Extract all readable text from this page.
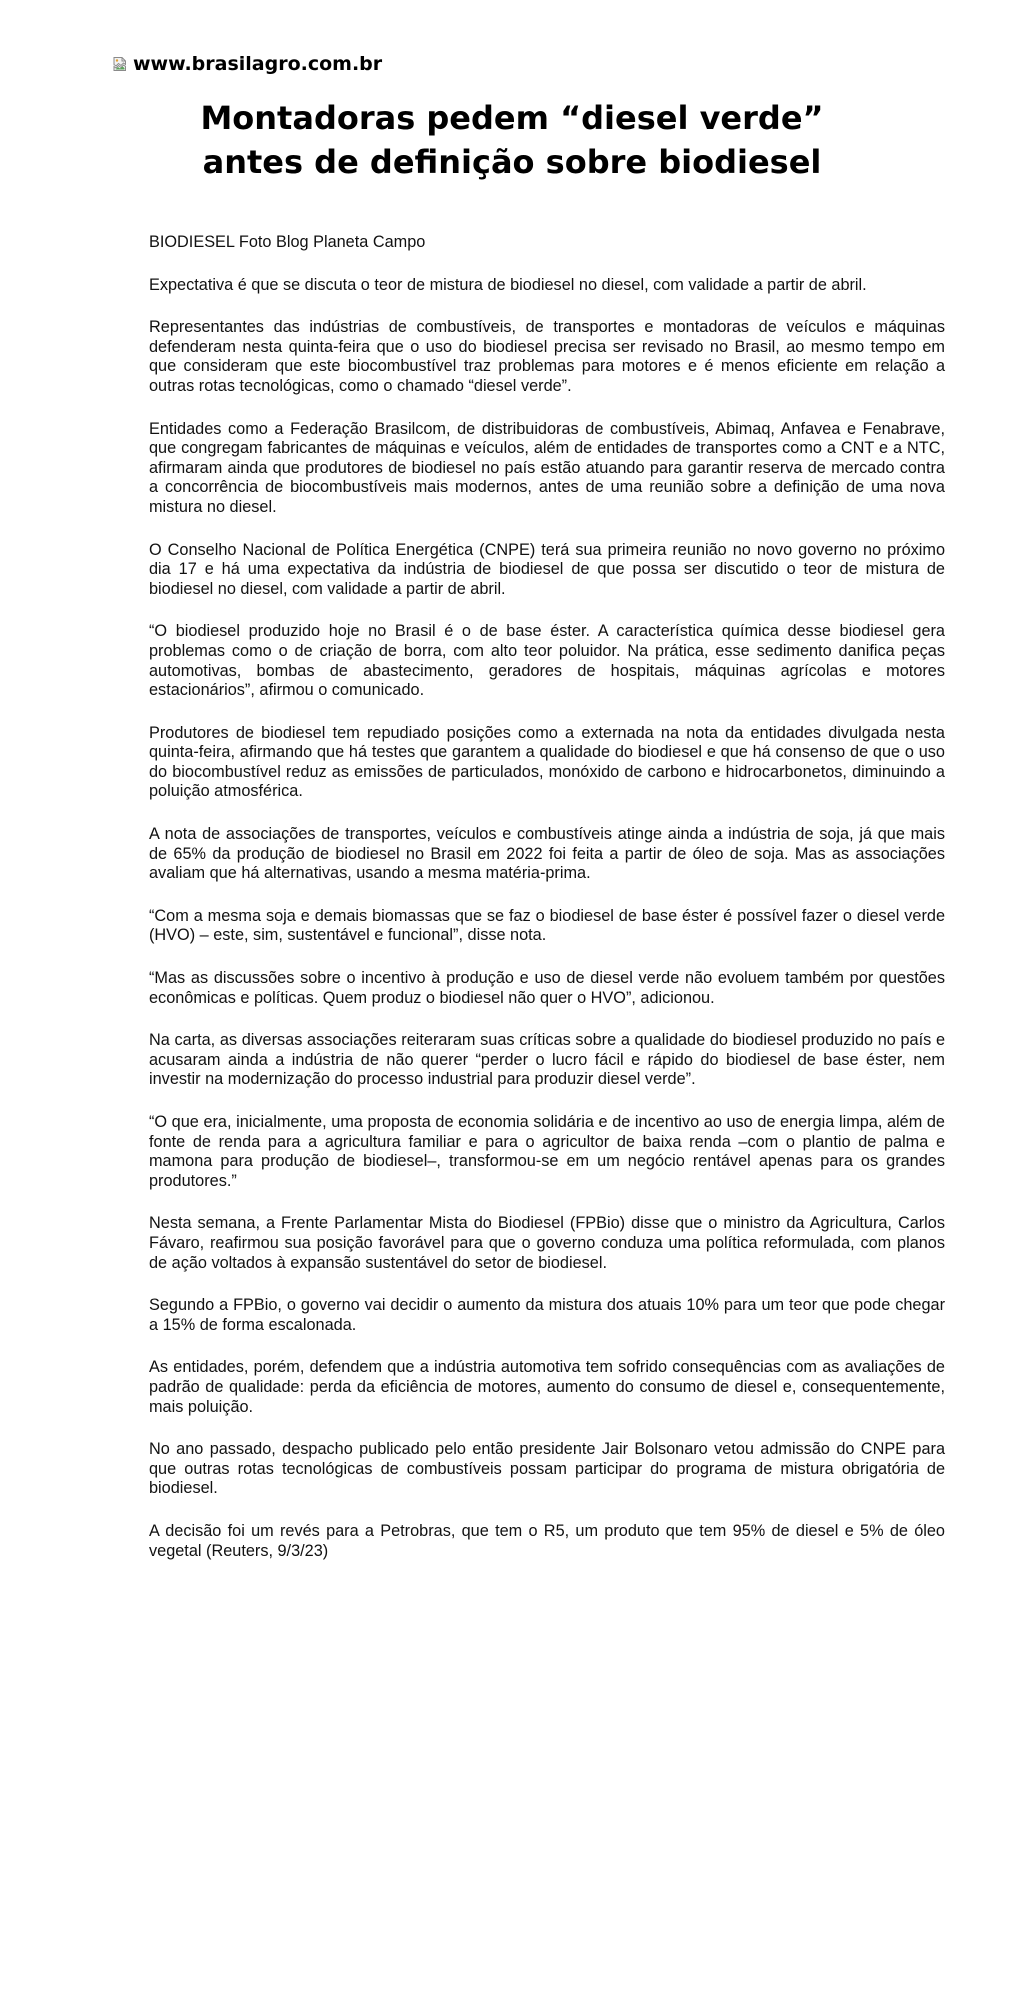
www.brasilagro.com.br
Montadoras pedem “diesel verde” antes de definição sobre biodiesel

BIODIESEL Foto Blog Planeta Campo

Expectativa é que se discuta o teor de mistura de biodiesel no diesel, com validade a partir de abril.

Representantes das indústrias de combustíveis, de transportes e montadoras de veículos e máquinas defenderam nesta quinta-feira que o uso do biodiesel precisa ser revisado no Brasil, ao mesmo tempo em que consideram que este biocombustível traz problemas para motores e é menos eficiente em relação a outras rotas tecnológicas, como o chamado “diesel verde”.

Entidades como a Federação Brasilcom, de distribuidoras de combustíveis, Abimaq, Anfavea e Fenabrave, que congregam fabricantes de máquinas e veículos, além de entidades de transportes como a CNT e a NTC, afirmaram ainda que produtores de biodiesel no país estão atuando para garantir reserva de mercado contra a concorrência de biocombustíveis mais modernos, antes de uma reunião sobre a definição de uma nova mistura no diesel.

O Conselho Nacional de Política Energética (CNPE) terá sua primeira reunião no novo governo no próximo dia 17 e há uma expectativa da indústria de biodiesel de que possa ser discutido o teor de mistura de biodiesel no diesel, com validade a partir de abril.

“O biodiesel produzido hoje no Brasil é o de base éster. A característica química desse biodiesel gera problemas como o de criação de borra, com alto teor poluidor. Na prática, esse sedimento danifica peças automotivas, bombas de abastecimento, geradores de hospitais, máquinas agrícolas e motores estacionários”, afirmou o comunicado.

Produtores de biodiesel tem repudiado posições como a externada na nota da entidades divulgada nesta quinta-feira, afirmando que há testes que garantem a qualidade do biodiesel e que há consenso de que o uso do biocombustível reduz as emissões de particulados, monóxido de carbono e hidrocarbonetos, diminuindo a poluição atmosférica.

A nota de associações de transportes, veículos e combustíveis atinge ainda a indústria de soja, já que mais de 65% da produção de biodiesel no Brasil em 2022 foi feita a partir de óleo de soja. Mas as associações avaliam que há alternativas, usando a mesma matéria-prima.

“Com a mesma soja e demais biomassas que se faz o biodiesel de base éster é possível fazer o diesel verde (HVO) – este, sim, sustentável e funcional”, disse nota.

“Mas as discussões sobre o incentivo à produção e uso de diesel verde não evoluem também por questões econômicas e políticas. Quem produz o biodiesel não quer o HVO”, adicionou.

Na carta, as diversas associações reiteraram suas críticas sobre a qualidade do biodiesel produzido no país e acusaram ainda a indústria de não querer “perder o lucro fácil e rápido do biodiesel de base éster, nem investir na modernização do processo industrial para produzir diesel verde”.

“O que era, inicialmente, uma proposta de economia solidária e de incentivo ao uso de energia limpa, além de fonte de renda para a agricultura familiar e para o agricultor de baixa renda –com o plantio de palma e mamona para produção de biodiesel–, transformou-se em um negócio rentável apenas para os grandes produtores.”

Nesta semana, a Frente Parlamentar Mista do Biodiesel (FPBio) disse que o ministro da Agricultura, Carlos Fávaro, reafirmou sua posição favorável para que o governo conduza uma política reformulada, com planos de ação voltados à expansão sustentável do setor de biodiesel.

Segundo a FPBio, o governo vai decidir o aumento da mistura dos atuais 10% para um teor que pode chegar a 15% de forma escalonada.

As entidades, porém, defendem que a indústria automotiva tem sofrido consequências com as avaliações de padrão de qualidade: perda da eficiência de motores, aumento do consumo de diesel e, consequentemente, mais poluição.

No ano passado, despacho publicado pelo então presidente Jair Bolsonaro vetou admissão do CNPE para que outras rotas tecnológicas de combustíveis possam participar do programa de mistura obrigatória de biodiesel.

A decisão foi um revés para a Petrobras, que tem o R5, um produto que tem 95% de diesel e 5% de óleo vegetal (Reuters, 9/3/23)
